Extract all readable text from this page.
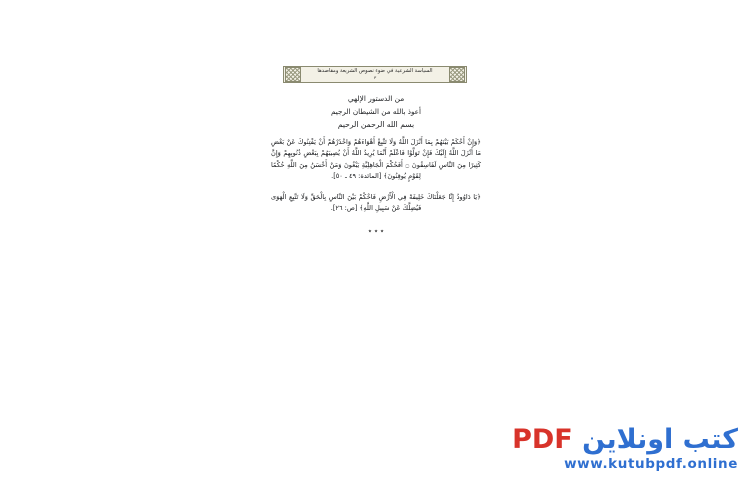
السياسة الشرعية في ضوء نصوص الشريعة ومقاصدها
٣
من الدستور الإلهي
أعوذ بالله من الشيطان الرجيم
بسم الله الرحمن الرحيم
﴿وَإِنْ أَحْكَمْ بَيْنَهُمْ بِمَا أَنْزَلَ اللَّهُ وَلَا تَتَّبِعْ أَهْوَاءَهُمْ وَاحْذَرْهُمْ أَنْ يَفْتِنُوكَ عَنْ بَعْضِ مَا أَنْزَلَ اللَّهُ إِلَيْكَ فَإِنْ تَوَلَّوْا فَاعْلَمْ أَنَّمَا يُرِيدُ اللَّهُ أَنْ يُصِيبَهُمْ بِبَعْضِ ذُنُوبِهِمْ وَإِنَّ كَثِيرًا مِنَ النَّاسِ لَفَاسِقُونَ ۝ أَفَحُكْمَ الْجَاهِلِيَّةِ يَبْغُونَ وَمَنْ أَحْسَنُ مِنَ اللَّهِ حُكْمًا لِقَوْمٍ يُوقِنُونَ﴾ [المائدة: ٤٩ ـ ٥٠].
﴿يَا دَاوُودُ إِنَّا جَعَلْنَاكَ خَلِيفَةً فِي الْأَرْضِ فَاحْكُمْ بَيْنَ النَّاسِ بِالْحَقِّ وَلَا تَتَّبِعِ الْهَوَى فَيُضِلَّكَ عَنْ سَبِيلِ اللَّهِ﴾ [ص: ٢٦].
٭ ٭ ٭
كتب اونلاين PDF
www.kutubpdf.online
